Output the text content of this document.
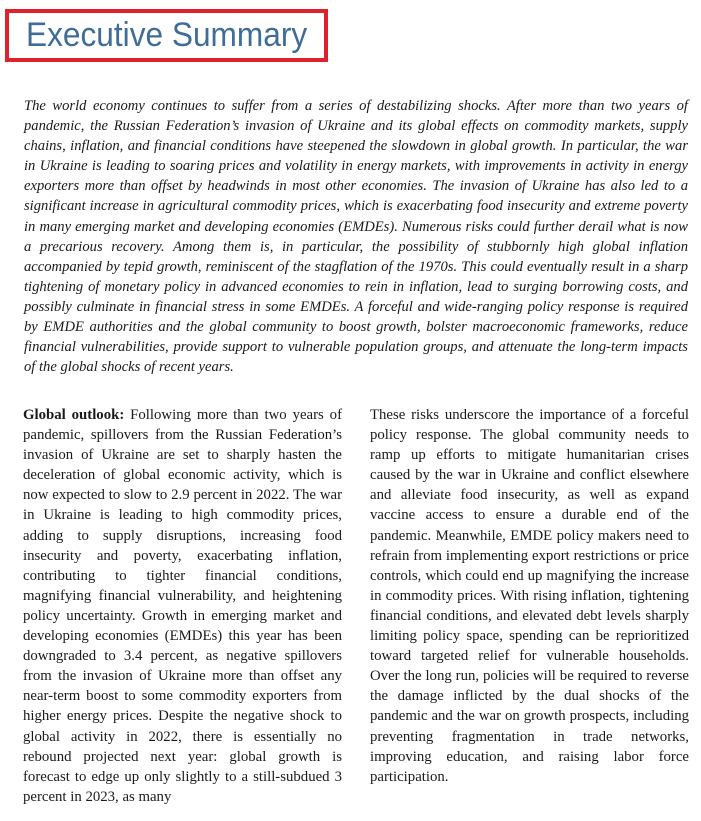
Executive Summary

The world economy continues to suffer from a series of destabilizing shocks. After more than two years of pandemic, the Russian Federation’s invasion of Ukraine and its global effects on commodity markets, supply chains, inflation, and financial conditions have steepened the slowdown in global growth. In particular, the war in Ukraine is leading to soaring prices and volatility in energy markets, with improvements in activity in energy exporters more than offset by headwinds in most other economies. The invasion of Ukraine has also led to a significant increase in agricultural commodity prices, which is exacerbating food insecurity and extreme poverty in many emerging market and developing economies (EMDEs). Numerous risks could further derail what is now a precarious recovery. Among them is, in particular, the possibility of stubbornly high global inflation accompanied by tepid growth, reminiscent of the stagflation of the 1970s. This could eventually result in a sharp tightening of monetary policy in advanced economies to rein in inflation, lead to surging borrowing costs, and possibly culminate in financial stress in some EMDEs. A forceful and wide-ranging policy response is required by EMDE authorities and the global community to boost growth, bolster macroeconomic frameworks, reduce financial vulnerabilities, provide support to vulnerable population groups, and attenuate the long-term impacts of the global shocks of recent years.

Global outlook: Following more than two years of pandemic, spillovers from the Russian Federation’s invasion of Ukraine are set to sharply hasten the deceleration of global economic activity, which is now expected to slow to 2.9 percent in 2022. The war in Ukraine is leading to high commodity prices, adding to supply disruptions, increasing food insecurity and poverty, exacerbating inflation, contributing to tighter financial conditions, magnifying financial vulnerability, and heightening policy uncertainty. Growth in emerging market and developing economies (EMDEs) this year has been downgraded to 3.4 percent, as negative spillovers from the invasion of Ukraine more than offset any near-term boost to some commodity exporters from higher energy prices. Despite the negative shock to global activity in 2022, there is essentially no rebound projected next year: global growth is forecast to edge up only slightly to a still-subdued 3 percent in 2023, as many

These risks underscore the importance of a forceful policy response. The global community needs to ramp up efforts to mitigate humanitarian crises caused by the war in Ukraine and conflict elsewhere and alleviate food insecurity, as well as expand vaccine access to ensure a durable end of the pandemic. Meanwhile, EMDE policy makers need to refrain from implementing export restrictions or price controls, which could end up magnifying the increase in commodity prices. With rising inflation, tightening financial conditions, and elevated debt levels sharply limiting policy space, spending can be reprioritized toward targeted relief for vulnerable households. Over the long run, policies will be required to reverse the damage inflicted by the dual shocks of the pandemic and the war on growth prospects, including preventing fragmentation in trade networks, improving education, and raising labor force participation.
